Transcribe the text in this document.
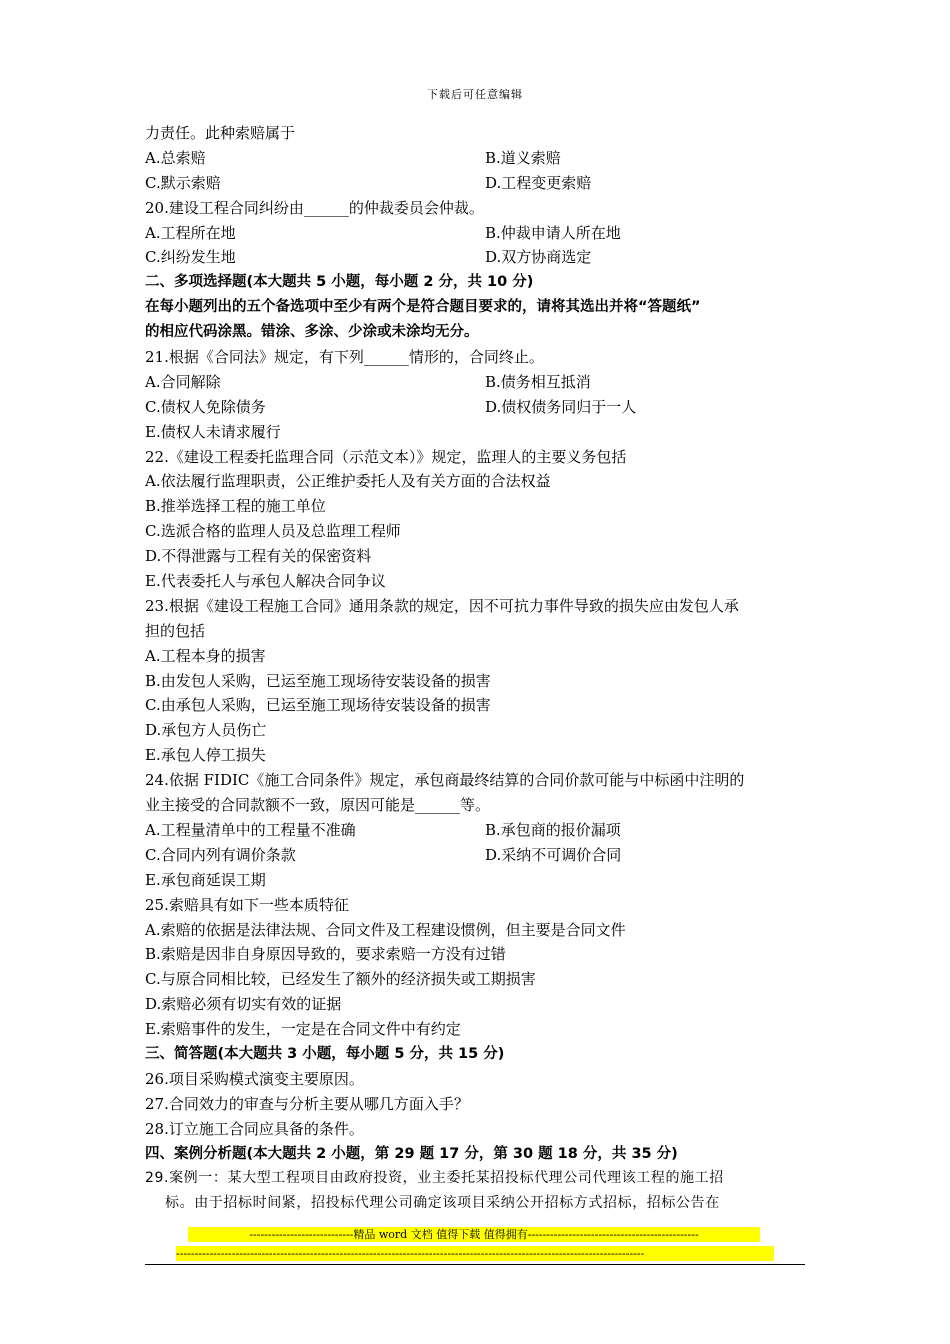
下载后可任意编辑
力责任。此种索赔属于
A.总索赔	B.道义索赔
C.默示索赔	D.工程变更索赔
20.建设工程合同纠纷由______的仲裁委员会仲裁。
A.工程所在地	B.仲裁申请人所在地
C.纠纷发生地	D.双方协商选定
二、多项选择题(本大题共 5 小题，每小题 2 分，共 10 分)
在每小题列出的五个备选项中至少有两个是符合题目要求的，请将其选出并将“答题纸”
的相应代码涂黑。错涂、多涂、少涂或未涂均无分。
21.根据《合同法》规定，有下列______情形的，合同终止。
A.合同解除	B.债务相互抵消
C.债权人免除债务	D.债权债务同归于一人
E.债权人未请求履行
22.《建设工程委托监理合同（示范文本）》规定，监理人的主要义务包括
A.依法履行监理职责，公正维护委托人及有关方面的合法权益
B.推举选择工程的施工单位
C.选派合格的监理人员及总监理工程师
D.不得泄露与工程有关的保密资料
E.代表委托人与承包人解决合同争议
23.根据《建设工程施工合同》通用条款的规定，因不可抗力事件导致的损失应由发包人承
担的包括
A.工程本身的损害
B.由发包人采购，已运至施工现场待安装设备的损害
C.由承包人采购，已运至施工现场待安装设备的损害
D.承包方人员伤亡
E.承包人停工损失
24.依据 FIDIC《施工合同条件》规定，承包商最终结算的合同价款可能与中标函中注明的
业主接受的合同款额不一致，原因可能是______等。
A.工程量清单中的工程量不准确	B.承包商的报价漏项
C.合同内列有调价条款	D.采纳不可调价合同
E.承包商延误工期
25.索赔具有如下一些本质特征
A.索赔的依据是法律法规、合同文件及工程建设惯例，但主要是合同文件
B.索赔是因非自身原因导致的，要求索赔一方没有过错
C.与原合同相比较，已经发生了额外的经济损失或工期损害
D.索赔必须有切实有效的证据
E.索赔事件的发生，一定是在合同文件中有约定
三、简答题(本大题共 3 小题，每小题 5 分，共 15 分)
26.项目采购模式演变主要原因。
27.合同效力的审查与分析主要从哪几方面入手？
28.订立施工合同应具备的条件。
四、案例分析题(本大题共 2 小题，第 29 题 17 分，第 30 题 18 分，共 35 分)
29.案例一：某大型工程项目由政府投资，业主委托某招投标代理公司代理该工程的施工招
标。由于招标时间紧，招投标代理公司确定该项目采纳公开招标方式招标，招标公告在
----------------------------精品 word 文档 值得下载 值得拥有----------------------------------------------
------------------------------------------------------------------------------------------------------------------------------
